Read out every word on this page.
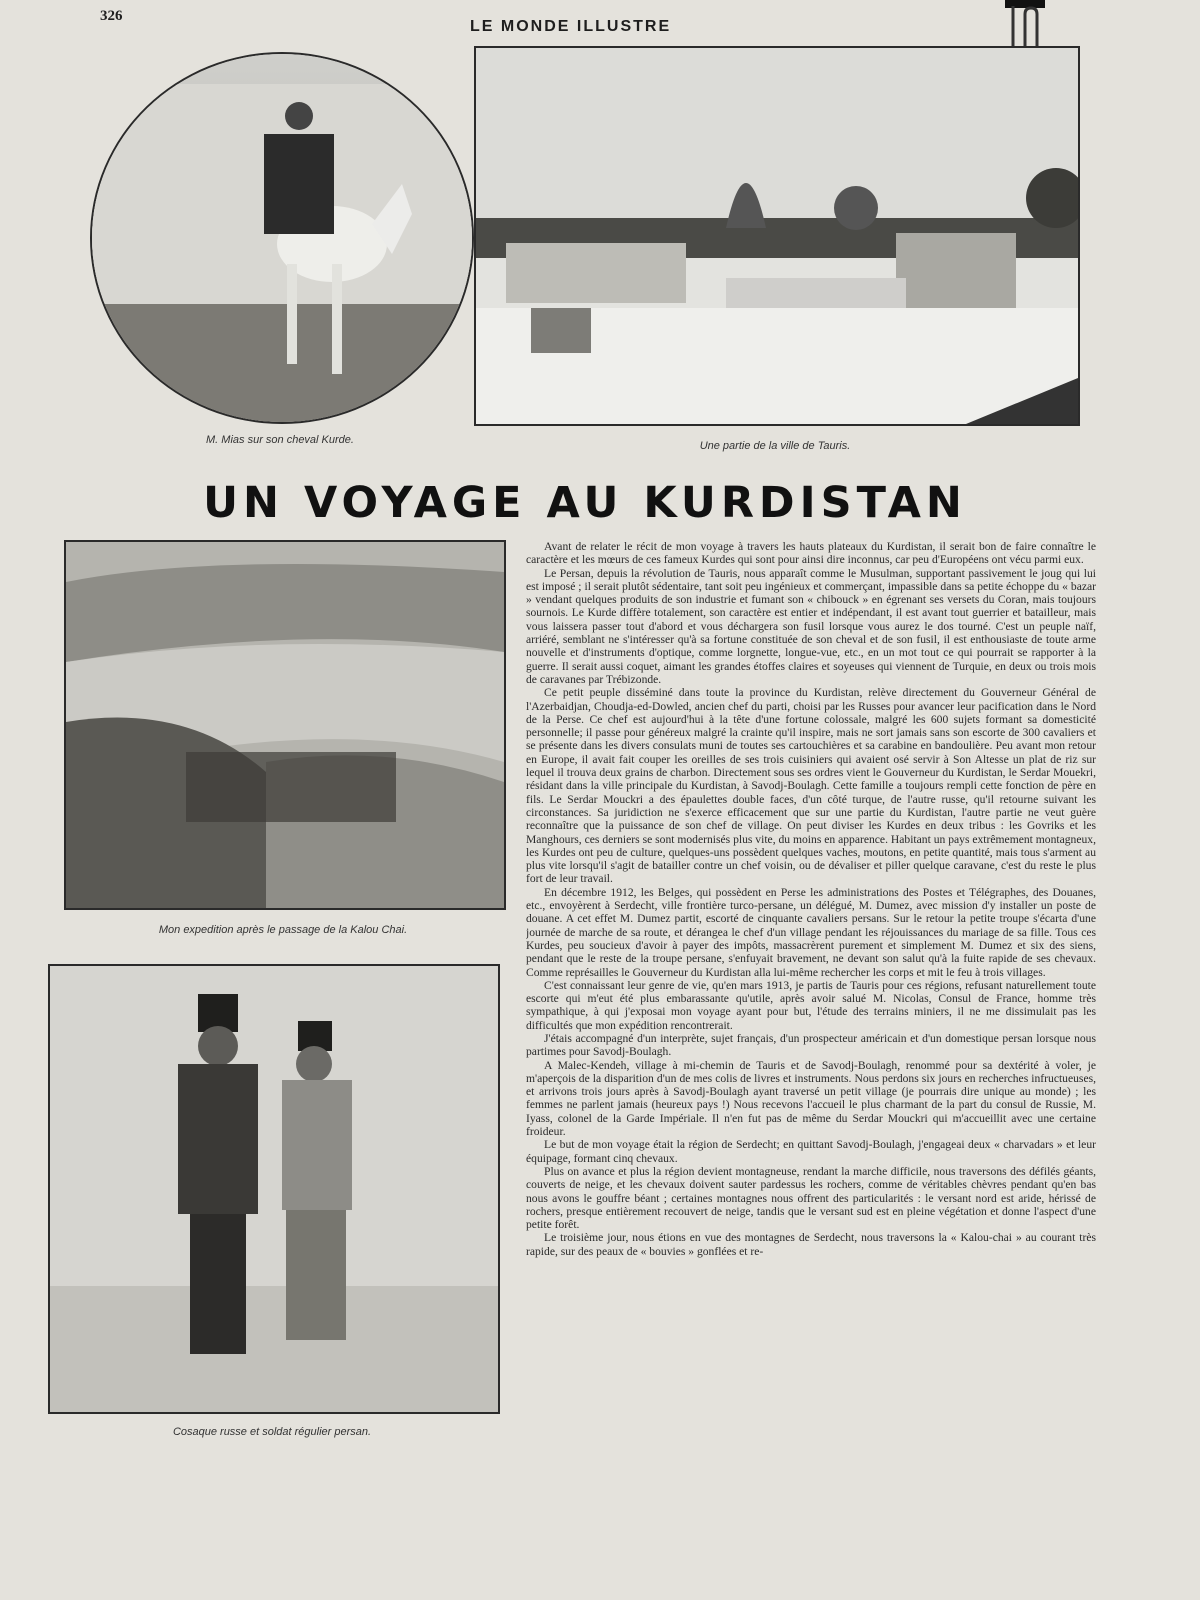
326
LE MONDE ILLUSTRE
M. Mias sur son cheval Kurde.	Une partie de la ville de Tauris.
UN VOYAGE AU KURDISTAN
Mon expedition après le passage de la Kalou Chai.
Cosaque russe et soldat régulier persan.

Avant de relater le récit de mon voyage à travers les hauts plateaux du Kurdistan, il serait bon de faire connaître le caractère et les mœurs de ces fameux Kurdes qui sont pour ainsi dire inconnus, car peu d'Européens ont vécu parmi eux.

Le Persan, depuis la révolution de Tauris, nous apparaît comme le Musulman, supportant passivement le joug qui lui est imposé ; il serait plutôt sédentaire, tant soit peu ingénieux et commerçant, impassible dans sa petite échoppe du « bazar » vendant quelques produits de son industrie et fumant son « chibouck » en égrenant ses versets du Coran, mais toujours sournois. Le Kurde diffère totalement, son caractère est entier et indépendant, il est avant tout guerrier et batailleur, mais vous laissera passer tout d'abord et vous déchargera son fusil lorsque vous aurez le dos tourné. C'est un peuple naïf, arriéré, semblant ne s'intéresser qu'à sa fortune constituée de son cheval et de son fusil, il est enthousiaste de toute arme nouvelle et d'instruments d'optique, comme lorgnette, longue-vue, etc., en un mot tout ce qui pourrait se rapporter à la guerre. Il serait aussi coquet, aimant les grandes étoffes claires et soyeuses qui viennent de Turquie, en deux ou trois mois de caravanes par Trébizonde.

Ce petit peuple disséminé dans toute la province du Kurdistan, relève directement du Gouverneur Général de l'Azerbaidjan, Choudja-ed-Dowled, ancien chef du parti, choisi par les Russes pour avancer leur pacification dans le Nord de la Perse. Ce chef est aujourd'hui à la tête d'une fortune colossale, malgré les 600 sujets formant sa domesticité personnelle; il passe pour généreux malgré la crainte qu'il inspire, mais ne sort jamais sans son escorte de 300 cavaliers et se présente dans les divers consulats muni de toutes ses cartouchières et sa carabine en bandoulière. Peu avant mon retour en Europe, il avait fait couper les oreilles de ses trois cuisiniers qui avaient osé servir à Son Altesse un plat de riz sur lequel il trouva deux grains de charbon. Directement sous ses ordres vient le Gouverneur du Kurdistan, le Serdar Mouekri, résidant dans la ville principale du Kurdistan, à Savodj-Boulagh. Cette famille a toujours rempli cette fonction de père en fils. Le Serdar Mouckri a des épaulettes double faces, d'un côté turque, de l'autre russe, qu'il retourne suivant les circonstances. Sa juridiction ne s'exerce efficacement que sur une partie du Kurdistan, l'autre partie ne veut guère reconnaître que la puissance de son chef de village. On peut diviser les Kurdes en deux tribus : les Govriks et les Manghours, ces derniers se sont modernisés plus vite, du moins en apparence. Habitant un pays extrêmement montagneux, les Kurdes ont peu de culture, quelques-uns possèdent quelques vaches, moutons, en petite quantité, mais tous s'arment au plus vite lorsqu'il s'agit de batailler contre un chef voisin, ou de dévaliser et piller quelque caravane, c'est du reste le plus fort de leur travail.

En décembre 1912, les Belges, qui possèdent en Perse les administrations des Postes et Télégraphes, des Douanes, etc., envoyèrent à Serdecht, ville frontière turco-persane, un délégué, M. Dumez, avec mission d'y installer un poste de douane. A cet effet M. Dumez partit, escorté de cinquante cavaliers persans. Sur le retour la petite troupe s'écarta d'une journée de marche de sa route, et dérangea le chef d'un village pendant les réjouissances du mariage de sa fille. Tous ces Kurdes, peu soucieux d'avoir à payer des impôts, massacrèrent purement et simplement M. Dumez et six des siens, pendant que le reste de la troupe persane, s'enfuyait bravement, ne devant son salut qu'à la fuite rapide de ses chevaux. Comme représailles le Gouverneur du Kurdistan alla lui-même rechercher les corps et mit le feu à trois villages.

C'est connaissant leur genre de vie, qu'en mars 1913, je partis de Tauris pour ces régions, refusant naturellement toute escorte qui m'eut été plus embarassante qu'utile, après avoir salué M. Nicolas, Consul de France, homme très sympathique, à qui j'exposai mon voyage ayant pour but, l'étude des terrains miniers, il ne me dissimulait pas les difficultés que mon expédition rencontrerait.

J'étais accompagné d'un interprète, sujet français, d'un prospecteur américain et d'un domestique persan lorsque nous partimes pour Savodj-Boulagh.

A Malec-Kendeh, village à mi-chemin de Tauris et de Savodj-Boulagh, renommé pour sa dextérité à voler, je m'aperçois de la disparition d'un de mes colis de livres et instruments. Nous perdons six jours en recherches infructueuses, et arrivons trois jours après à Savodj-Boulagh ayant traversé un petit village (je pourrais dire unique au monde) ; les femmes ne parlent jamais (heureux pays !) Nous recevons l'accueil le plus charmant de la part du consul de Russie, M. Iyass, colonel de la Garde Impériale. Il n'en fut pas de même du Serdar Mouckri qui m'accueillit avec une certaine froideur.

Le but de mon voyage était la région de Serdecht; en quittant Savodj-Boulagh, j'engageai deux « charvadars » et leur équipage, formant cinq chevaux.

Plus on avance et plus la région devient montagneuse, rendant la marche difficile, nous traversons des défilés géants, couverts de neige, et les chevaux doivent sauter pardessus les rochers, comme de véritables chèvres pendant qu'en bas nous avons le gouffre béant ; certaines montagnes nous offrent des particularités : le versant nord est aride, hérissé de rochers, presque entièrement recouvert de neige, tandis que le versant sud est en pleine végétation et donne l'aspect d'une petite forêt.

Le troisième jour, nous étions en vue des montagnes de Serdecht, nous traversons la « Kalou-chai » au courant très rapide, sur des peaux de « bouvies » gonflées et re-
